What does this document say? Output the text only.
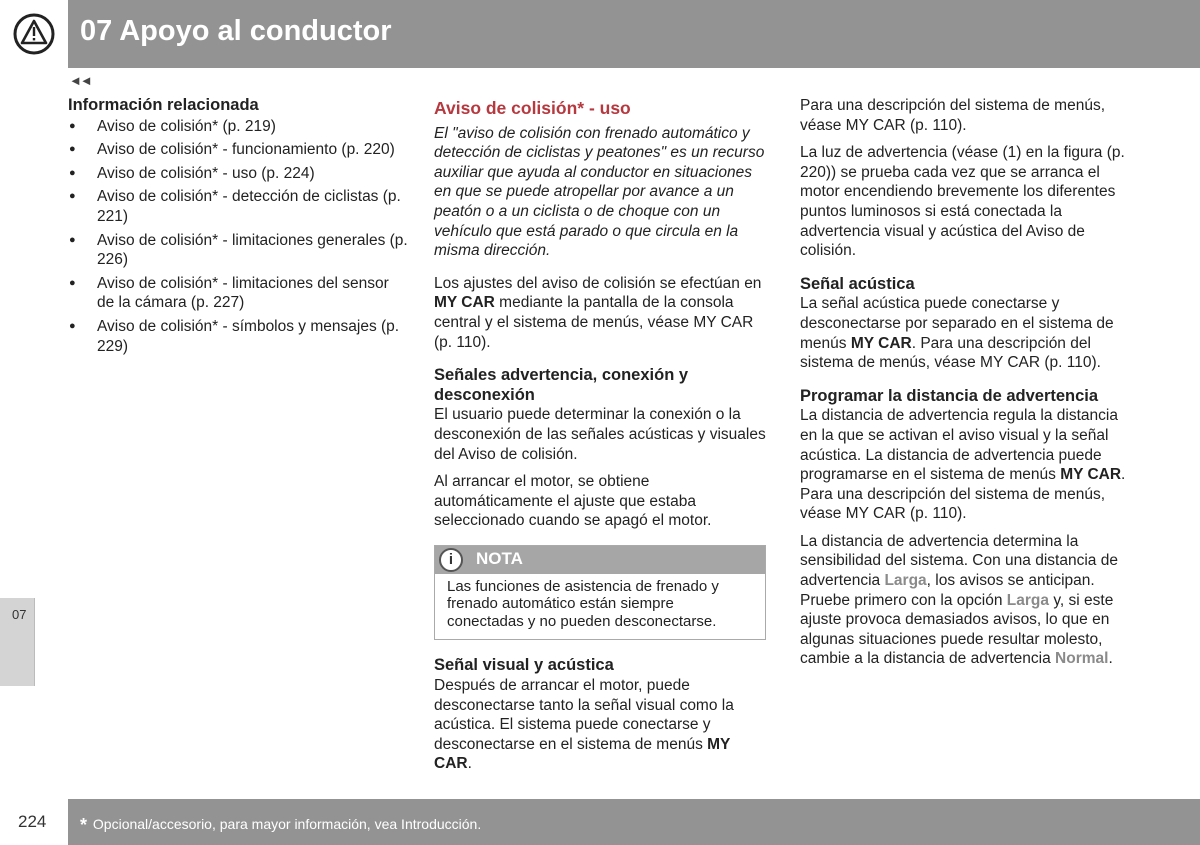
07 Apoyo al conductor
◄◄
07
224 * Opcional/accesorio, para mayor información, vea Introducción.
Información relacionada
● Aviso de colisión* (p. 219)
● Aviso de colisión* - funcionamiento (p. 220)
● Aviso de colisión* - uso (p. 224)
● Aviso de colisión* - detección de ciclistas (p. 221)
● Aviso de colisión* - limitaciones generales (p. 226)
● Aviso de colisión* - limitaciones del sensor de la cámara (p. 227)
● Aviso de colisión* - símbolos y mensajes (p. 229)
Aviso de colisión* - uso
El "aviso de colisión con frenado automático y detección de ciclistas y peatones" es un recurso auxiliar que ayuda al conductor en situaciones en que se puede atropellar por avance a un peatón o a un ciclista o de choque con un vehículo que está parado o que circula en la misma dirección.
Los ajustes del aviso de colisión se efectúan en MY CAR mediante la pantalla de la consola central y el sistema de menús, véase MY CAR (p. 110).
Señales advertencia, conexión y desconexión
El usuario puede determinar la conexión o la desconexión de las señales acústicas y visuales del Aviso de colisión.
Al arrancar el motor, se obtiene automáticamente el ajuste que estaba seleccionado cuando se apagó el motor.
i	NOTA
Las funciones de asistencia de frenado y frenado automático están siempre conectadas y no pueden desconectarse.
Señal visual y acústica
Después de arrancar el motor, puede desconectarse tanto la señal visual como la acústica. El sistema puede conectarse y desconectarse en el sistema de menús MY CAR.
Para una descripción del sistema de menús, véase MY CAR (p. 110).
La luz de advertencia (véase (1) en la figura (p. 220)) se prueba cada vez que se arranca el motor encendiendo brevemente los diferentes puntos luminosos si está conectada la advertencia visual y acústica del Aviso de colisión.
Señal acústica
La señal acústica puede conectarse y desconectarse por separado en el sistema de menús MY CAR. Para una descripción del sistema de menús, véase MY CAR (p. 110).
Programar la distancia de advertencia
La distancia de advertencia regula la distancia en la que se activan el aviso visual y la señal acústica. La distancia de advertencia puede programarse en el sistema de menús MY CAR. Para una descripción del sistema de menús, véase MY CAR (p. 110).
La distancia de advertencia determina la sensibilidad del sistema. Con una distancia de advertencia Larga, los avisos se anticipan. Pruebe primero con la opción Larga y, si este ajuste provoca demasiados avisos, lo que en algunas situaciones puede resultar molesto, cambie a la distancia de advertencia Normal.
